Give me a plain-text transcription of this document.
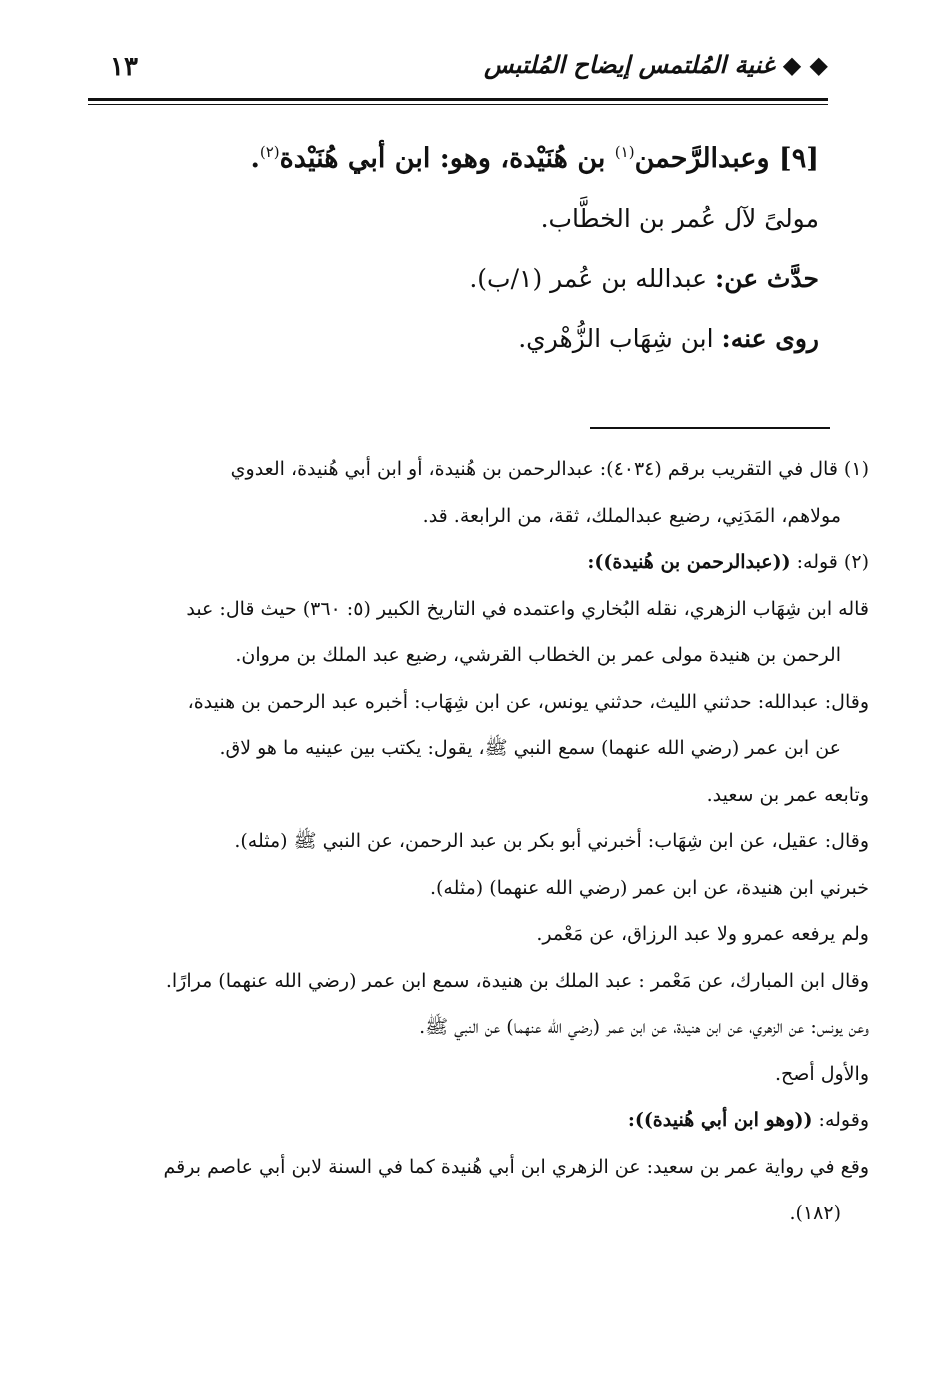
١٣	◆ ◆ غنية المُلتمس إيضاح المُلتبس
[٩] وعبدالرَّحمن$^{(١)}$ بن هُنَيْدة، وهو: ابن أبي هُنَيْدة$^{(٢)}$.
مولىً لآل عُمر بن الخطَّاب.
حدَّث عن: عبدالله بن عُمر (١/ب).
روى عنه: ابن شِهَاب الزُّهْري.
(١) قال في التقريب برقم (٤٠٣٤): عبدالرحمن بن هُنيدة، أو ابن أبي هُنيدة، العدوي
مولاهم، المَدَنِي، رضيع عبدالملك، ثقة، من الرابعة. قد.
(٢) قوله: ((عبدالرحمن بن هُنيدة)):
قاله ابن شِهَاب الزهري، نقله البُخاري واعتمده في التاريخ الكبير (٥: ٣٦٠) حيث قال: عبد
الرحمن بن هنيدة مولى عمر بن الخطاب القرشي، رضيع عبد الملك بن مروان.
وقال: عبدالله: حدثني الليث، حدثني يونس، عن ابن شِهَاب: أخبره عبد الرحمن بن هنيدة،
عن ابن عمر (رضي الله عنهما) سمع النبي ﷺ، يقول: يكتب بين عينيه ما هو لاق.
وتابعه عمر بن سعيد.
وقال: عقيل، عن ابن شِهَاب: أخبرني أبو بكر بن عبد الرحمن، عن النبي ﷺ (مثله).
خبرني ابن هنيدة، عن ابن عمر (رضي الله عنهما) (مثله).
ولم يرفعه عمرو ولا عبد الرزاق، عن مَعْمر.
وقال ابن المبارك، عن مَعْمر : عبد الملك بن هنيدة، سمع ابن عمر (رضي الله عنهما) مرارًا.
وعن يونس: عن الزهري، عن ابن هنيدة، عن ابن عمر (رضي الله عنهما) عن النبي ﷺ.
والأول أصح.
وقوله: ((وهو ابن أبي هُنيدة)):
وقع في رواية عمر بن سعيد: عن الزهري ابن أبي هُنيدة كما في السنة لابن أبي عاصم برقم
(١٨٢).
